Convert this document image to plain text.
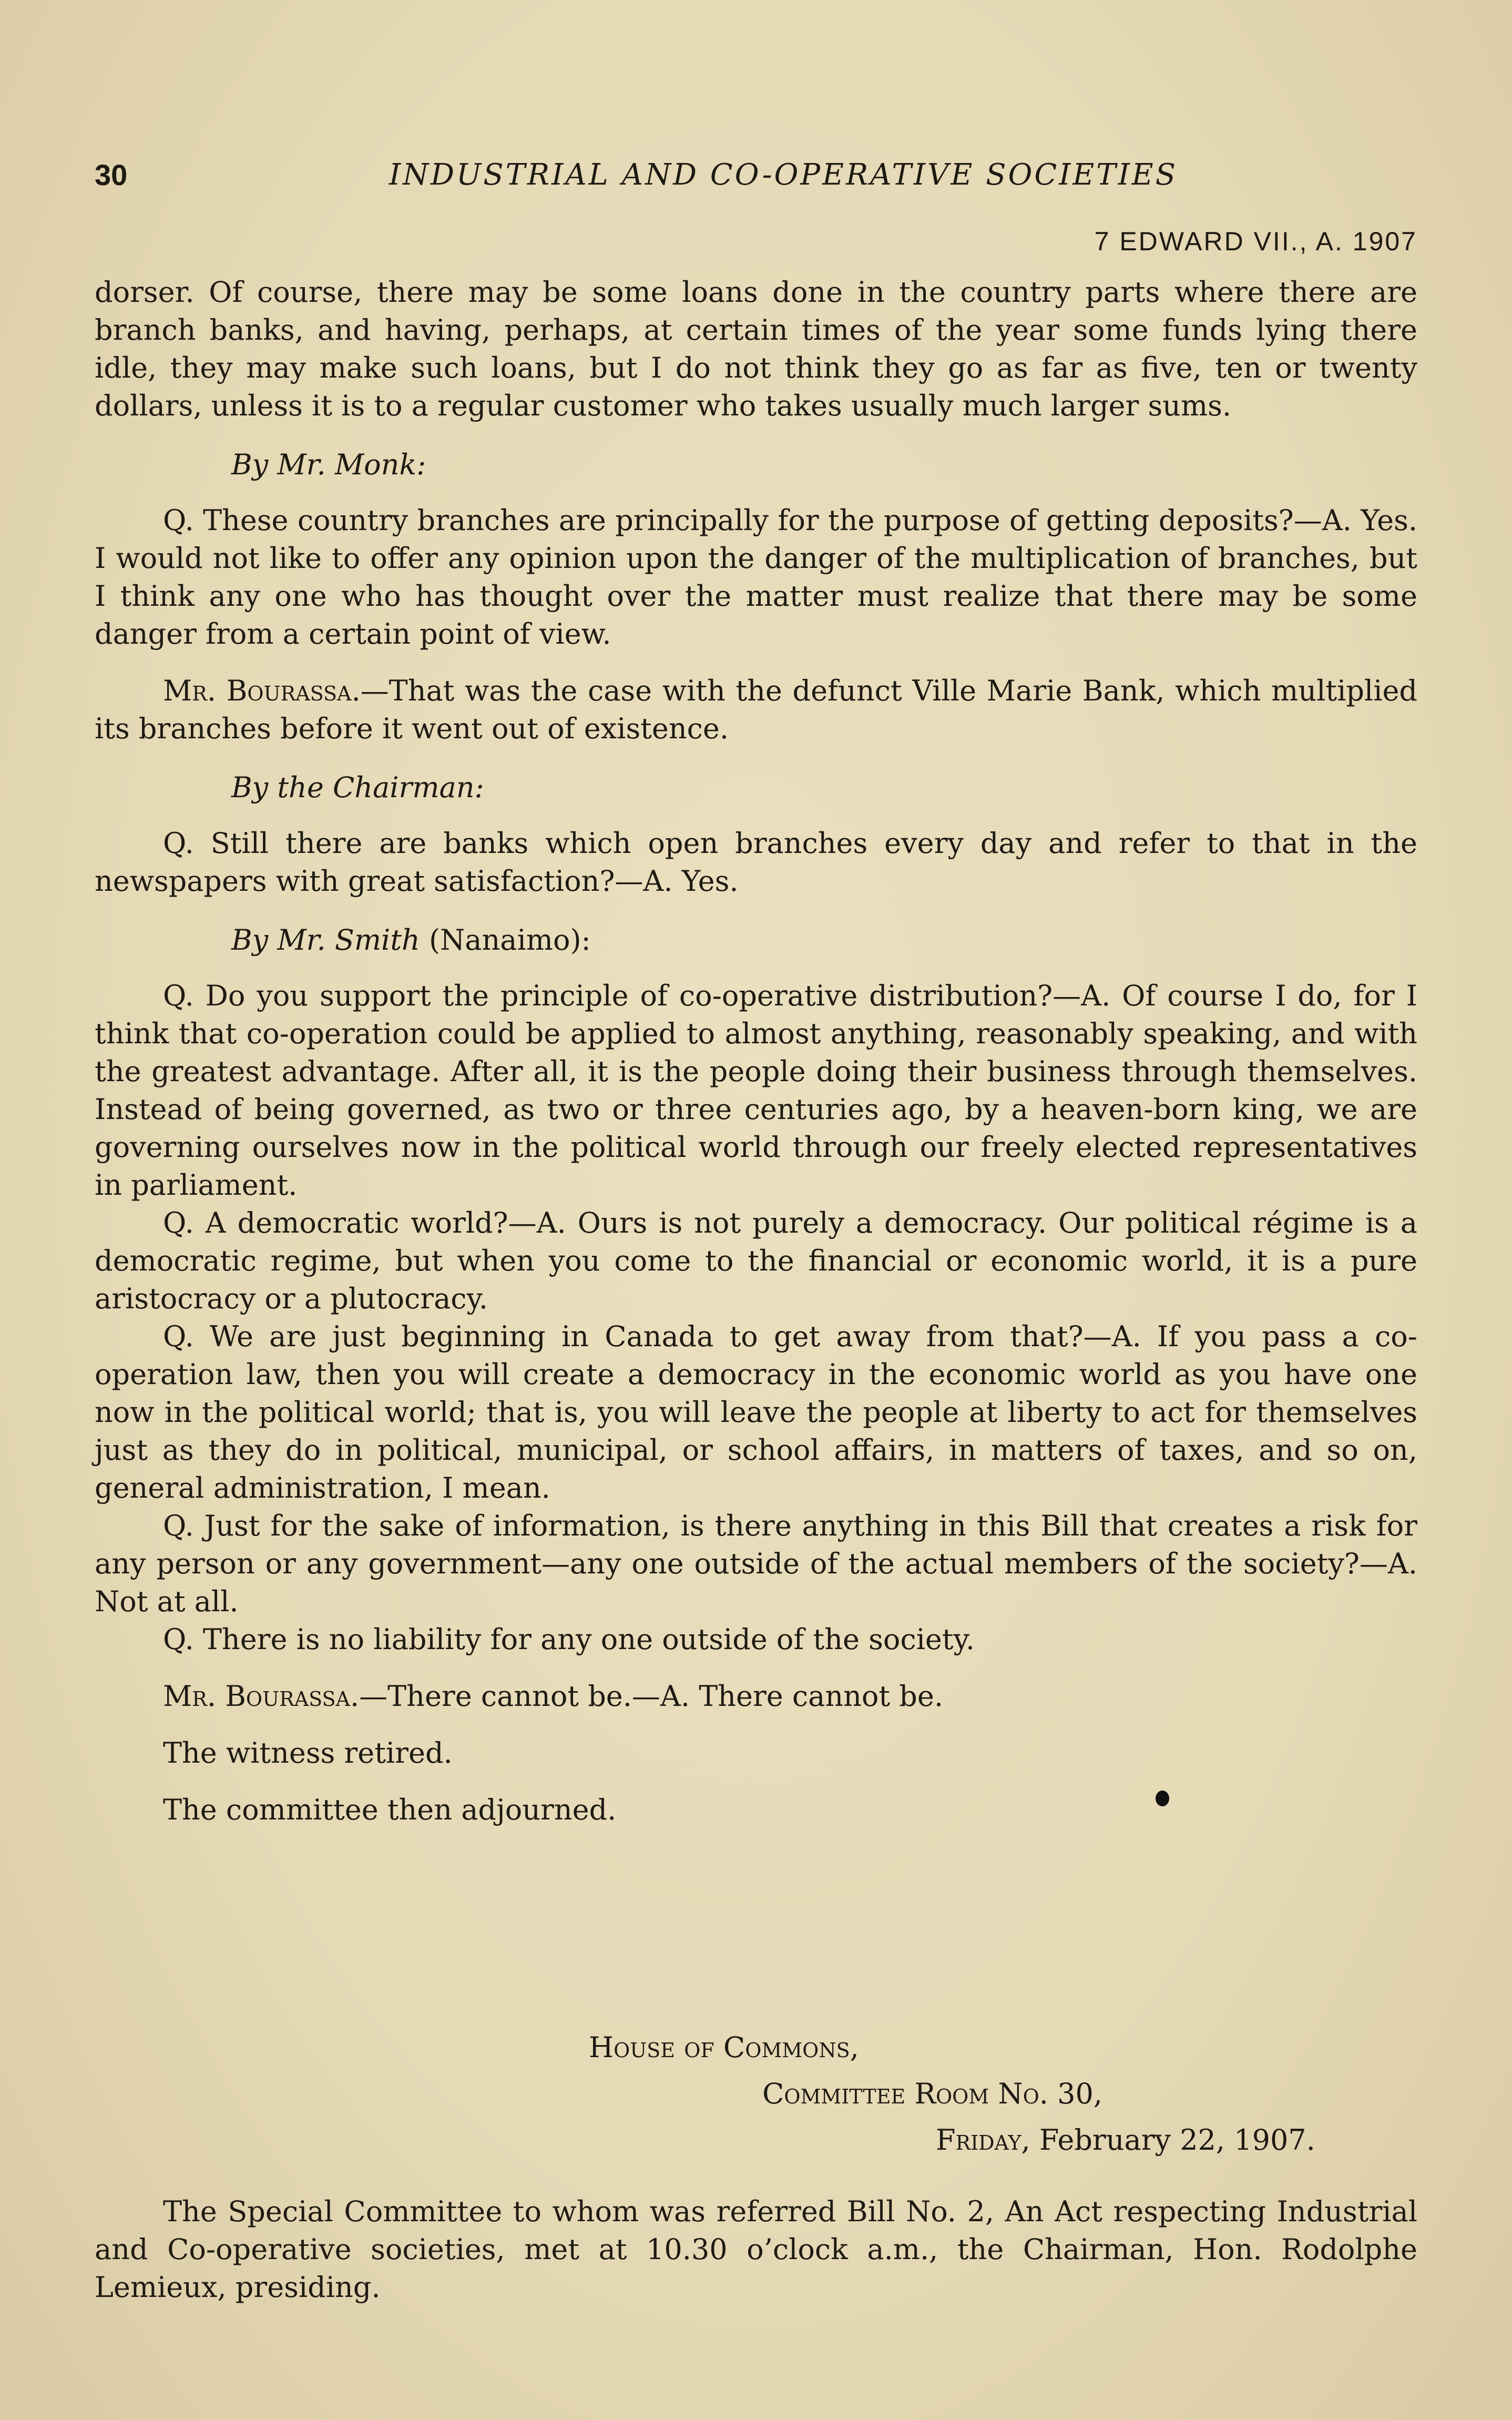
30	INDUSTRIAL AND CO-OPERATIVE SOCIETIES
7 EDWARD VII., A. 1907

dorser. Of course, there may be some loans done in the country parts where there are branch banks, and having, perhaps, at certain times of the year some funds lying there idle, they may make such loans, but I do not think they go as far as five, ten or twenty dollars, unless it is to a regular customer who takes usually much larger sums.

By Mr. Monk:

Q. These country branches are principally for the purpose of getting deposits?—A. Yes. I would not like to offer any opinion upon the danger of the multiplication of branches, but I think any one who has thought over the matter must realize that there may be some danger from a certain point of view.

Mr. Bourassa.—That was the case with the defunct Ville Marie Bank, which multiplied its branches before it went out of existence.

By the Chairman:

Q. Still there are banks which open branches every day and refer to that in the newspapers with great satisfaction?—A. Yes.

By Mr. Smith (Nanaimo):

Q. Do you support the principle of co-operative distribution?—A. Of course I do, for I think that co-operation could be applied to almost anything, reasonably speaking, and with the greatest advantage. After all, it is the people doing their business through themselves. Instead of being governed, as two or three centuries ago, by a heaven-born king, we are governing ourselves now in the political world through our freely elected representatives in parliament.

Q. A democratic world?—A. Ours is not purely a democracy. Our political régime is a democratic regime, but when you come to the financial or economic world, it is a pure aristocracy or a plutocracy.

Q. We are just beginning in Canada to get away from that?—A. If you pass a co-operation law, then you will create a democracy in the economic world as you have one now in the political world; that is, you will leave the people at liberty to act for themselves just as they do in political, municipal, or school affairs, in matters of taxes, and so on, general administration, I mean.

Q. Just for the sake of information, is there anything in this Bill that creates a risk for any person or any government—any one outside of the actual members of the society?—A. Not at all.

Q. There is no liability for any one outside of the society.

Mr. Bourassa.—There cannot be.—A. There cannot be.

The witness retired.

The committee then adjourned.

House of Commons,
Committee Room No. 30,
Friday, February 22, 1907.

The Special Committee to whom was referred Bill No. 2, An Act respecting Industrial and Co-operative societies, met at 10.30 o’clock a.m., the Chairman, Hon. Rodolphe Lemieux, presiding.
